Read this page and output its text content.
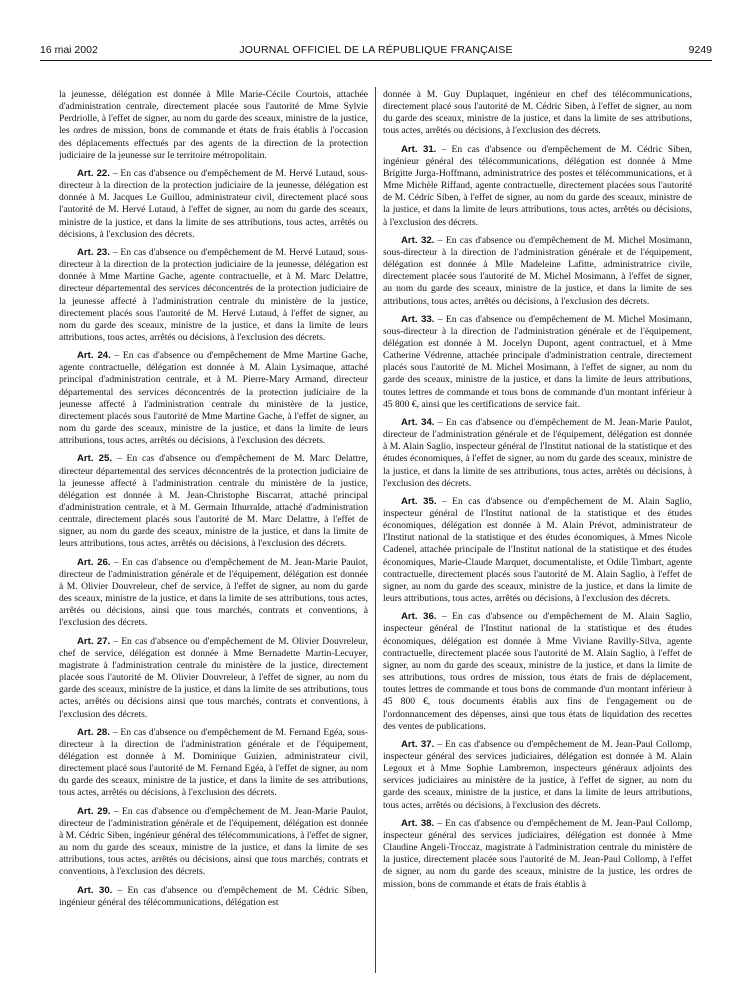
16 mai 2002	JOURNAL OFFICIEL DE LA RÉPUBLIQUE FRANÇAISE	9249

la jeunesse, délégation est donnée à Mlle Marie-Cécile Courtois, attachée d'administration centrale, directement placée sous l'autorité de Mme Sylvie Perdriolle, à l'effet de signer, au nom du garde des sceaux, ministre de la justice, les ordres de mission, bons de commande et états de frais établis à l'occasion des déplacements effectués par des agents de la direction de la protection judiciaire de la jeunesse sur le territoire métropolitain.

Art. 22. – En cas d'absence ou d'empêchement de M. Hervé Lutaud, sous-directeur à la direction de la protection judiciaire de la jeunesse, délégation est donnée à M. Jacques Le Guillou, administrateur civil, directement placé sous l'autorité de M. Hervé Lutaud, à l'effet de signer, au nom du garde des sceaux, ministre de la justice, et dans la limite de ses attributions, tous actes, arrêtés ou décisions, à l'exclusion des décrets.

Art. 23. – En cas d'absence ou d'empêchement de M. Hervé Lutaud, sous-directeur à la direction de la protection judiciaire de la jeunesse, délégation est donnée à Mme Martine Gache, agente contractuelle, et à M. Marc Delattre, directeur départemental des services déconcentrés de la protection judiciaire de la jeunesse affecté à l'administration centrale du ministère de la justice, directement placés sous l'autorité de M. Hervé Lutaud, à l'effet de signer, au nom du garde des sceaux, ministre de la justice, et dans la limite de leurs attributions, tous actes, arrêtés ou décisions, à l'exclusion des décrets.

Art. 24. – En cas d'absence ou d'empêchement de Mme Martine Gache, agente contractuelle, délégation est donnée à M. Alain Lysimaque, attaché principal d'administration centrale, et à M. Pierre-Mary Armand, directeur départemental des services déconcentrés de la protection judiciaire de la jeunesse affecté à l'administration centrale du ministère de la justice, directement placés sous l'autorité de Mme Martine Gache, à l'effet de signer, au nom du garde des sceaux, ministre de la justice, et dans la limite de leurs attributions, tous actes, arrêtés ou décisions, à l'exclusion des décrets.

Art. 25. – En cas d'absence ou d'empêchement de M. Marc Delattre, directeur départemental des services déconcentrés de la protection judiciaire de la jeunesse affecté à l'administration centrale du ministère de la justice, délégation est donnée à M. Jean-Christophe Biscarrat, attaché principal d'administration centrale, et à M. Germain Ithurralde, attaché d'administration centrale, directement placés sous l'autorité de M. Marc Delattre, à l'effet de signer, au nom du garde des sceaux, ministre de la justice, et dans la limite de leurs attributions, tous actes, arrêtés ou décisions, à l'exclusion des décrets.

Art. 26. – En cas d'absence ou d'empêchement de M. Jean-Marie Paulot, directeur de l'administration générale et de l'équipement, délégation est donnée à M. Olivier Douvreleur, chef de service, à l'effet de signer, au nom du garde des sceaux, ministre de la justice, et dans la limite de ses attributions, tous actes, arrêtés ou décisions, ainsi que tous marchés, contrats et conventions, à l'exclusion des décrets.

Art. 27. – En cas d'absence ou d'empêchement de M. Olivier Douvreleur, chef de service, délégation est donnée à Mme Bernadette Martin-Lecuyer, magistrate à l'administration centrale du ministère de la justice, directement placée sous l'autorité de M. Olivier Douvreleur, à l'effet de signer, au nom du garde des sceaux, ministre de la justice, et dans la limite de ses attributions, tous actes, arrêtés ou décisions ainsi que tous marchés, contrats et conventions, à l'exclusion des décrets.

Art. 28. – En cas d'absence ou d'empêchement de M. Fernand Egéa, sous-directeur à la direction de l'administration générale et de l'équipement, délégation est donnée à M. Dominique Guizien, administrateur civil, directement placé sous l'autorité de M. Fernand Egéa, à l'effet de signer, au nom du garde des sceaux, ministre de la justice, et dans la limite de ses attributions, tous actes, arrêtés ou décisions, à l'exclusion des décrets.

Art. 29. – En cas d'absence ou d'empêchement de M. Jean-Marie Paulot, directeur de l'administration générale et de l'équipement, délégation est donnée à M. Cédric Siben, ingénieur général des télécommunications, à l'effet de signer, au nom du garde des sceaux, ministre de la justice, et dans la limite de ses attributions, tous actes, arrêtés ou décisions, ainsi que tous marchés, contrats et conventions, à l'exclusion des décrets.

Art. 30. – En cas d'absence ou d'empêchement de M. Cédric Siben, ingénieur général des télécommunications, délégation est

donnée à M. Guy Duplaquet, ingénieur en chef des télécommunications, directement placé sous l'autorité de M. Cédric Siben, à l'effet de signer, au nom du garde des sceaux, ministre de la justice, et dans la limite de ses attributions, tous actes, arrêtés ou décisions, à l'exclusion des décrets.

Art. 31. – En cas d'absence ou d'empêchement de M. Cédric Siben, ingénieur général des télécommunications, délégation est donnée à Mme Brigitte Jurga-Hoffmann, administratrice des postes et télécommunications, et à Mme Michèle Riffaud, agente contractuelle, directement placées sous l'autorité de M. Cédric Siben, à l'effet de signer, au nom du garde des sceaux, ministre de la justice, et dans la limite de leurs attributions, tous actes, arrêtés ou décisions, à l'exclusion des décrets.

Art. 32. – En cas d'absence ou d'empêchement de M. Michel Mosimann, sous-directeur à la direction de l'administration générale et de l'équipement, délégation est donnée à Mlle Madeleine Lafitte, administratrice civile, directement placée sous l'autorité de M. Michel Mosimann, à l'effet de signer, au nom du garde des sceaux, ministre de la justice, et dans la limite de ses attributions, tous actes, arrêtés ou décisions, à l'exclusion des décrets.

Art. 33. – En cas d'absence ou d'empêchement de M. Michel Mosimann, sous-directeur à la direction de l'administration générale et de l'équipement, délégation est donnée à M. Jocelyn Dupont, agent contractuel, et à Mme Catherine Védrenne, attachée principale d'administration centrale, directement placés sous l'autorité de M. Michel Mosimann, à l'effet de signer, au nom du garde des sceaux, ministre de la justice, et dans la limite de leurs attributions, toutes lettres de commande et tous bons de commande d'un montant inférieur à 45 800 €, ainsi que les certifications de service fait.

Art. 34. – En cas d'absence ou d'empêchement de M. Jean-Marie Paulot, directeur de l'administration générale et de l'équipement, délégation est donnée à M. Alain Saglio, inspecteur général de l'Institut national de la statistique et des études économiques, à l'effet de signer, au nom du garde des sceaux, ministre de la justice, et dans la limite de ses attributions, tous actes, arrêtés ou décisions, à l'exclusion des décrets.

Art. 35. – En cas d'absence ou d'empêchement de M. Alain Saglio, inspecteur général de l'Institut national de la statistique et des études économiques, délégation est donnée à M. Alain Prévot, administrateur de l'Institut national de la statistique et des études économiques, à Mmes Nicole Cadenel, attachée principale de l'Institut national de la statistique et des études économiques, Marie-Claude Marquet, documentaliste, et Odile Timbart, agente contractuelle, directement placés sous l'autorité de M. Alain Saglio, à l'effet de signer, au nom du garde des sceaux, ministre de la justice, et dans la limite de leurs attributions, tous actes, arrêtés ou décisions, à l'exclusion des décrets.

Art. 36. – En cas d'absence ou d'empêchement de M. Alain Saglio, inspecteur général de l'Institut national de la statistique et des études économiques, délégation est donnée à Mme Viviane Ravilly-Silva, agente contractuelle, directement placée sous l'autorité de M. Alain Saglio, à l'effet de signer, au nom du garde des sceaux, ministre de la justice, et dans la limite de ses attributions, tous ordres de mission, tous états de frais de déplacement, toutes lettres de commande et tous bons de commande d'un montant inférieur à 45 800 €, tous documents établis aux fins de l'engagement ou de l'ordonnancement des dépenses, ainsi que tous états de liquidation des recettes des ventes de publications.

Art. 37. – En cas d'absence ou d'empêchement de M. Jean-Paul Collomp, inspecteur général des services judiciaires, délégation est donnée à M. Alain Legoux et à Mme Sophie Lambremon, inspecteurs généraux adjoints des services judiciaires au ministère de la justice, à l'effet de signer, au nom du garde des sceaux, ministre de la justice, et dans la limite de leurs attributions, tous actes, arrêtés ou décisions, à l'exclusion des décrets.

Art. 38. – En cas d'absence ou d'empêchement de M. Jean-Paul Collomp, inspecteur général des services judiciaires, délégation est donnée à Mme Claudine Angeli-Troccaz, magistrate à l'administration centrale du ministère de la justice, directement placée sous l'autorité de M. Jean-Paul Collomp, à l'effet de signer, au nom du garde des sceaux, ministre de la justice, les ordres de mission, bons de commande et états de frais établis à
